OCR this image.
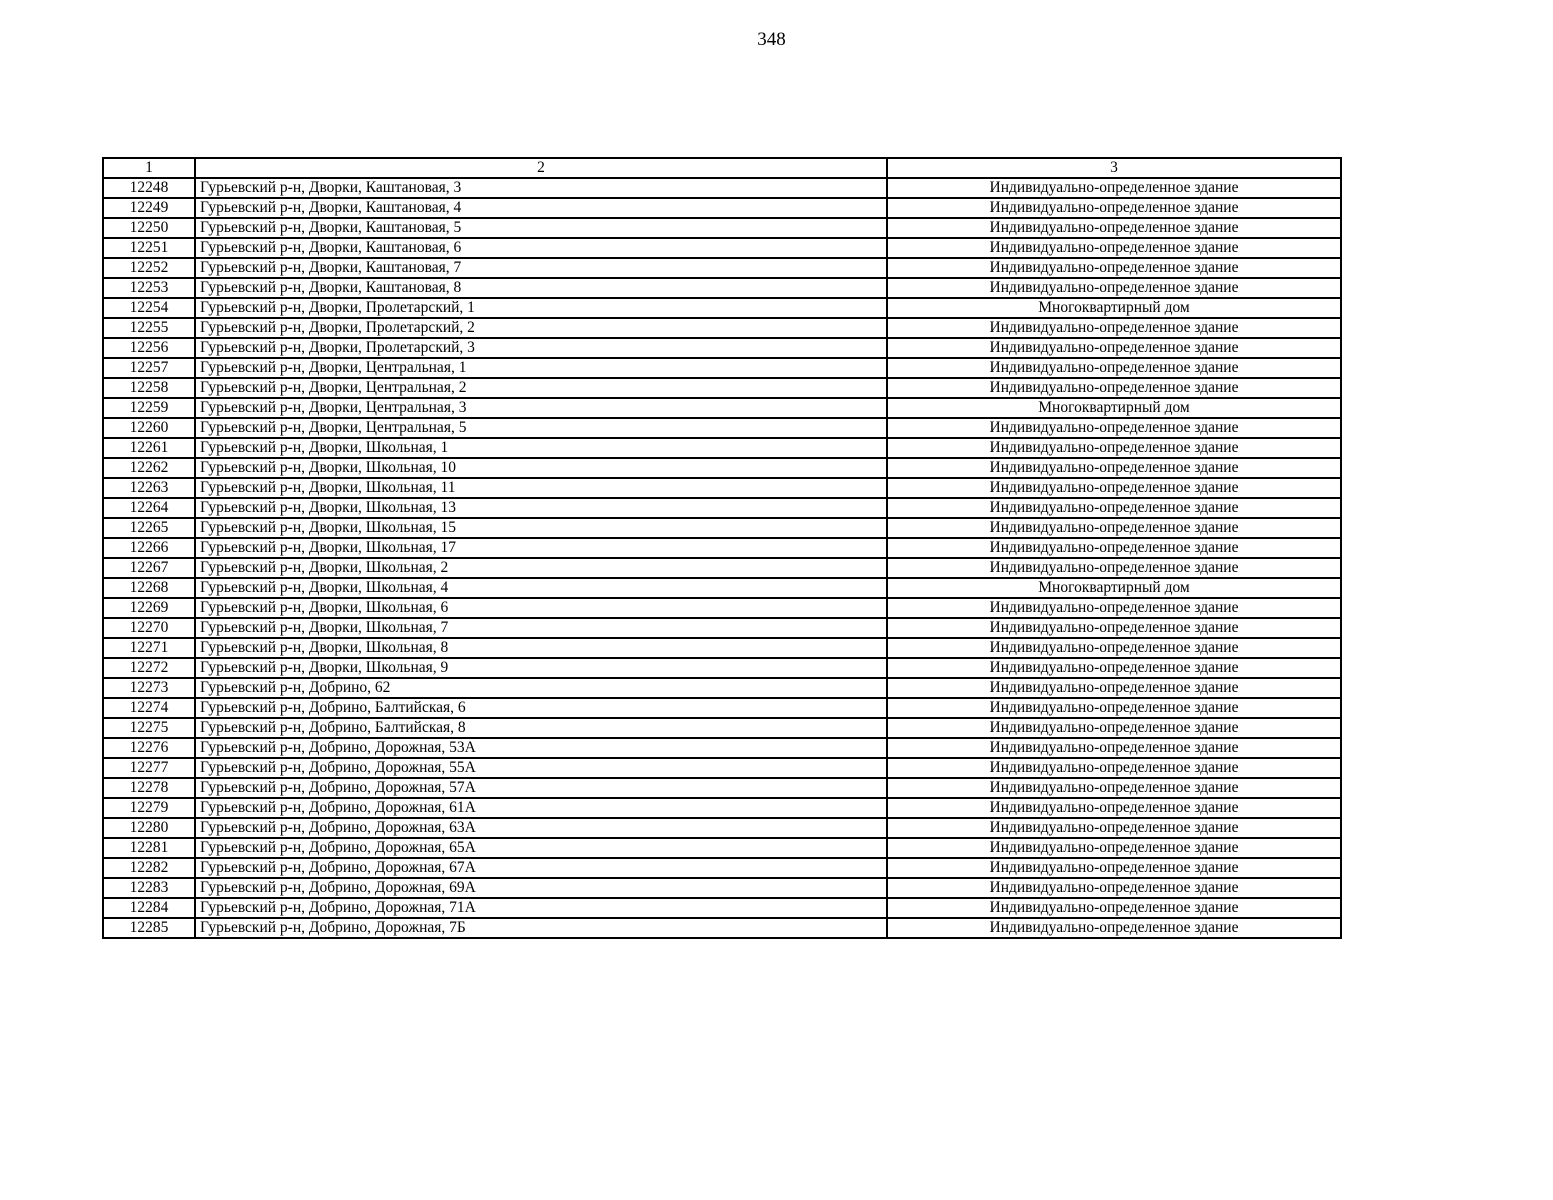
348
1	2	3
12248	Гурьевский р-н, Дворки, Каштановая, 3	Индивидуально-определенное здание
12249	Гурьевский р-н, Дворки, Каштановая, 4	Индивидуально-определенное здание
12250	Гурьевский р-н, Дворки, Каштановая, 5	Индивидуально-определенное здание
12251	Гурьевский р-н, Дворки, Каштановая, 6	Индивидуально-определенное здание
12252	Гурьевский р-н, Дворки, Каштановая, 7	Индивидуально-определенное здание
12253	Гурьевский р-н, Дворки, Каштановая, 8	Индивидуально-определенное здание
12254	Гурьевский р-н, Дворки, Пролетарский, 1	Многоквартирный дом
12255	Гурьевский р-н, Дворки, Пролетарский, 2	Индивидуально-определенное здание
12256	Гурьевский р-н, Дворки, Пролетарский, 3	Индивидуально-определенное здание
12257	Гурьевский р-н, Дворки, Центральная, 1	Индивидуально-определенное здание
12258	Гурьевский р-н, Дворки, Центральная, 2	Индивидуально-определенное здание
12259	Гурьевский р-н, Дворки, Центральная, 3	Многоквартирный дом
12260	Гурьевский р-н, Дворки, Центральная, 5	Индивидуально-определенное здание
12261	Гурьевский р-н, Дворки, Школьная, 1	Индивидуально-определенное здание
12262	Гурьевский р-н, Дворки, Школьная, 10	Индивидуально-определенное здание
12263	Гурьевский р-н, Дворки, Школьная, 11	Индивидуально-определенное здание
12264	Гурьевский р-н, Дворки, Школьная, 13	Индивидуально-определенное здание
12265	Гурьевский р-н, Дворки, Школьная, 15	Индивидуально-определенное здание
12266	Гурьевский р-н, Дворки, Школьная, 17	Индивидуально-определенное здание
12267	Гурьевский р-н, Дворки, Школьная, 2	Индивидуально-определенное здание
12268	Гурьевский р-н, Дворки, Школьная, 4	Многоквартирный дом
12269	Гурьевский р-н, Дворки, Школьная, 6	Индивидуально-определенное здание
12270	Гурьевский р-н, Дворки, Школьная, 7	Индивидуально-определенное здание
12271	Гурьевский р-н, Дворки, Школьная, 8	Индивидуально-определенное здание
12272	Гурьевский р-н, Дворки, Школьная, 9	Индивидуально-определенное здание
12273	Гурьевский р-н, Добрино, 62	Индивидуально-определенное здание
12274	Гурьевский р-н, Добрино, Балтийская, 6	Индивидуально-определенное здание
12275	Гурьевский р-н, Добрино, Балтийская, 8	Индивидуально-определенное здание
12276	Гурьевский р-н, Добрино, Дорожная, 53А	Индивидуально-определенное здание
12277	Гурьевский р-н, Добрино, Дорожная, 55А	Индивидуально-определенное здание
12278	Гурьевский р-н, Добрино, Дорожная, 57А	Индивидуально-определенное здание
12279	Гурьевский р-н, Добрино, Дорожная, 61А	Индивидуально-определенное здание
12280	Гурьевский р-н, Добрино, Дорожная, 63А	Индивидуально-определенное здание
12281	Гурьевский р-н, Добрино, Дорожная, 65А	Индивидуально-определенное здание
12282	Гурьевский р-н, Добрино, Дорожная, 67А	Индивидуально-определенное здание
12283	Гурьевский р-н, Добрино, Дорожная, 69А	Индивидуально-определенное здание
12284	Гурьевский р-н, Добрино, Дорожная, 71А	Индивидуально-определенное здание
12285	Гурьевский р-н, Добрино, Дорожная, 7Б	Индивидуально-определенное здание
